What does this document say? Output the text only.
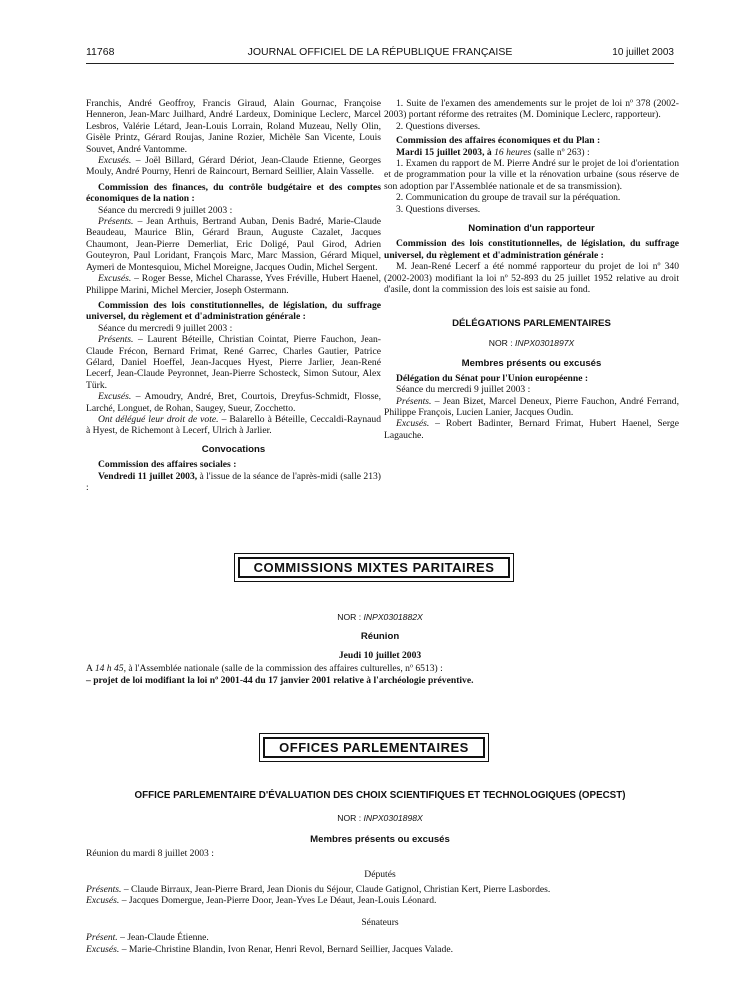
11768	JOURNAL OFFICIEL DE LA RÉPUBLIQUE FRANÇAISE	10 juillet 2003

Franchis, André Geoffroy, Francis Giraud, Alain Gournac, Françoise Henneron, Jean-Marc Juilhard, André Lardeux, Dominique Leclerc, Marcel Lesbros, Valérie Létard, Jean-Louis Lorrain, Roland Muzeau, Nelly Olin, Gisèle Printz, Gérard Roujas, Janine Rozier, Michèle San Vicente, Louis Souvet, André Vantomme.

Excusés. – Joël Billard, Gérard Dériot, Jean-Claude Etienne, Georges Mouly, André Pourny, Henri de Raincourt, Bernard Seillier, Alain Vasselle.

Commission des finances, du contrôle budgétaire et des comptes économiques de la nation :

Séance du mercredi 9 juillet 2003 :

Présents. – Jean Arthuis, Bertrand Auban, Denis Badré, Marie-Claude Beaudeau, Maurice Blin, Gérard Braun, Auguste Cazalet, Jacques Chaumont, Jean-Pierre Demerliat, Eric Doligé, Paul Girod, Adrien Gouteyron, Paul Loridant, François Marc, Marc Massion, Gérard Miquel, Aymeri de Montesquiou, Michel Moreigne, Jacques Oudin, Michel Sergent.

Excusés. – Roger Besse, Michel Charasse, Yves Fréville, Hubert Haenel, Philippe Marini, Michel Mercier, Joseph Ostermann.

Commission des lois constitutionnelles, de législation, du suffrage universel, du règlement et d'administration générale :

Séance du mercredi 9 juillet 2003 :

Présents. – Laurent Béteille, Christian Cointat, Pierre Fauchon, Jean-Claude Frécon, Bernard Frimat, René Garrec, Charles Gautier, Patrice Gélard, Daniel Hoeffel, Jean-Jacques Hyest, Pierre Jarlier, Jean-René Lecerf, Jean-Claude Peyronnet, Jean-Pierre Schosteck, Simon Sutour, Alex Türk.

Excusés. – Amoudry, André, Bret, Courtois, Dreyfus-Schmidt, Flosse, Larché, Longuet, de Rohan, Saugey, Sueur, Zocchetto.

Ont délégué leur droit de vote. – Balarello à Béteille, Ceccaldi-Raynaud à Hyest, de Richemont à Lecerf, Ulrich à Jarlier.

Convocations

Commission des affaires sociales :

Vendredi 11 juillet 2003, à l'issue de la séance de l'après-midi (salle 213) :

1. Suite de l'examen des amendements sur le projet de loi nº 378 (2002-2003) portant réforme des retraites (M. Dominique Leclerc, rapporteur).

2. Questions diverses.

Commission des affaires économiques et du Plan :

Mardi 15 juillet 2003, à 16 heures (salle nº 263) :

1. Examen du rapport de M. Pierre André sur le projet de loi d'orientation et de programmation pour la ville et la rénovation urbaine (sous réserve de son adoption par l'Assemblée nationale et de sa transmission).

2. Communication du groupe de travail sur la péréquation.

3. Questions diverses.

Nomination d'un rapporteur

Commission des lois constitutionnelles, de législation, du suffrage universel, du règlement et d'administration générale :

M. Jean-René Lecerf a été nommé rapporteur du projet de loi nº 340 (2002-2003) modifiant la loi nº 52-893 du 25 juillet 1952 relative au droit d'asile, dont la commission des lois est saisie au fond.

DÉLÉGATIONS PARLEMENTAIRES

NOR : INPX0301897X

Membres présents ou excusés

Délégation du Sénat pour l'Union européenne :

Séance du mercredi 9 juillet 2003 :

Présents. – Jean Bizet, Marcel Deneux, Pierre Fauchon, André Ferrand, Philippe François, Lucien Lanier, Jacques Oudin.

Excusés. – Robert Badinter, Bernard Frimat, Hubert Haenel, Serge Lagauche.

COMMISSIONS MIXTES PARITAIRES

NOR : INPX0301882X

Réunion

Jeudi 10 juillet 2003

A 14 h 45, à l'Assemblée nationale (salle de la commission des affaires culturelles, nº 6513) :

– projet de loi modifiant la loi nº 2001-44 du 17 janvier 2001 relative à l'archéologie préventive.

OFFICES PARLEMENTAIRES

OFFICE PARLEMENTAIRE D'ÉVALUATION DES CHOIX SCIENTIFIQUES ET TECHNOLOGIQUES (OPECST)

NOR : INPX0301898X

Membres présents ou excusés

Réunion du mardi 8 juillet 2003 :

Députés

Présents. – Claude Birraux, Jean-Pierre Brard, Jean Dionis du Séjour, Claude Gatignol, Christian Kert, Pierre Lasbordes.

Excusés. – Jacques Domergue, Jean-Pierre Door, Jean-Yves Le Déaut, Jean-Louis Léonard.

Sénateurs

Présent. – Jean-Claude Étienne.

Excusés. – Marie-Christine Blandin, Ivon Renar, Henri Revol, Bernard Seillier, Jacques Valade.
